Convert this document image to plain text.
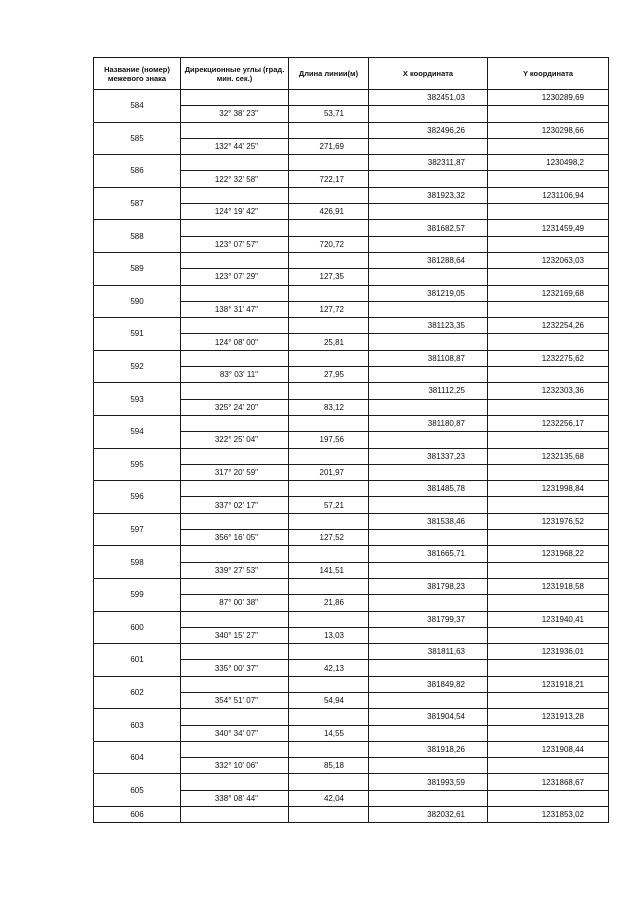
Название (номер) межевого знака	Дирекционные углы (град. мин. сек.)	Длина линии(м)	X координата	Y координата
584			382451,03	1230289,69
	32° 38' 23"	53,71		
585			382496,26	1230298,66
	132° 44' 25"	271,69		
586			382311,87	1230498,2
	122° 32' 58"	722,17		
587			381923,32	1231106,94
	124° 19' 42"	426,91		
588			381682,57	1231459,49
	123° 07' 57"	720,72		
589			381288,64	1232063,03
	123° 07' 29"	127,35		
590			381219,05	1232169,68
	138° 31' 47"	127,72		
591			381123,35	1232254,26
	124° 08' 00"	25,81		
592			381108,87	1232275,62
	83° 03' 11"	27,95		
593			381112,25	1232303,36
	325° 24' 20"	83,12		
594			381180,87	1232256,17
	322° 25' 04"	197,56		
595			381337,23	1232135,68
	317° 20' 59"	201,97		
596			381485,78	1231998,84
	337° 02' 17"	57,21		
597			381538,46	1231976,52
	356° 16' 05"	127,52		
598			381665,71	1231968,22
	339° 27' 53"	141,51		
599			381798,23	1231918,58
	87° 00' 38"	21,86		
600			381799,37	1231940,41
	340° 15' 27"	13,03		
601			381811,63	1231936,01
	335° 00' 37"	42,13		
602			381849,82	1231918,21
	354° 51' 07"	54,94		
603			381904,54	1231913,28
	340° 34' 07"	14,55		
604			381918,26	1231908,44
	332° 10' 06"	85,18		
605			381993,59	1231868,67
	338° 08' 44"	42,04		
606			382032,61	1231853,02
